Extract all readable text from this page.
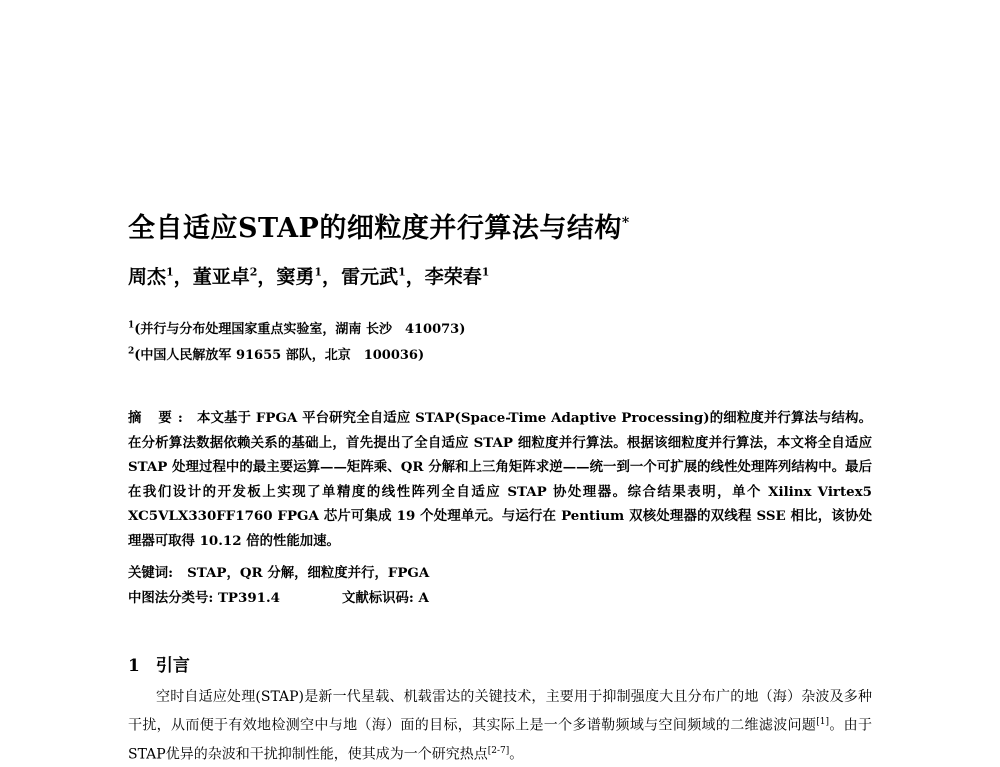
全自适应STAP的细粒度并行算法与结构*
周杰$^1$，董亚卓$^2$，窦勇$^1$，雷元武$^1$，李荣春$^1$
$^1$(并行与分布处理国家重点实验室，湖南 长沙　410073)
$^2$(中国人民解放军 91655 部队，北京　100036)
摘 要: 本文基于 FPGA 平台研究全自适应 STAP(Space-Time Adaptive Processing)的细粒度并行算法与结构。在分析算法数据依赖关系的基础上，首先提出了全自适应 STAP 细粒度并行算法。根据该细粒度并行算法，本文将全自适应 STAP 处理过程中的最主要运算——矩阵乘、QR 分解和上三角矩阵求逆——统一到一个可扩展的线性处理阵列结构中。最后在我们设计的开发板上实现了单精度的线性阵列全自适应 STAP 协处理器。综合结果表明，单个 Xilinx Virtex5 XC5VLX330FF1760 FPGA 芯片可集成 19 个处理单元。与运行在 Pentium 双核处理器的双线程 SSE 相比，该协处理器可取得 10.12 倍的性能加速。
关键词: STAP，QR 分解，细粒度并行，FPGA
中图法分类号: TP391.4	文献标识码: A
1 引言
空时自适应处理(STAP)是新一代星载、机载雷达的关键技术，主要用于抑制强度大且分布广的地（海）杂波及多种干扰，从而便于有效地检测空中与地（海）面的目标，其实际上是一个多谱勒频域与空间频域的二维滤波问题[1]。由于STAP优异的杂波和干扰抑制性能，使其成为一个研究热点[2-7]。
